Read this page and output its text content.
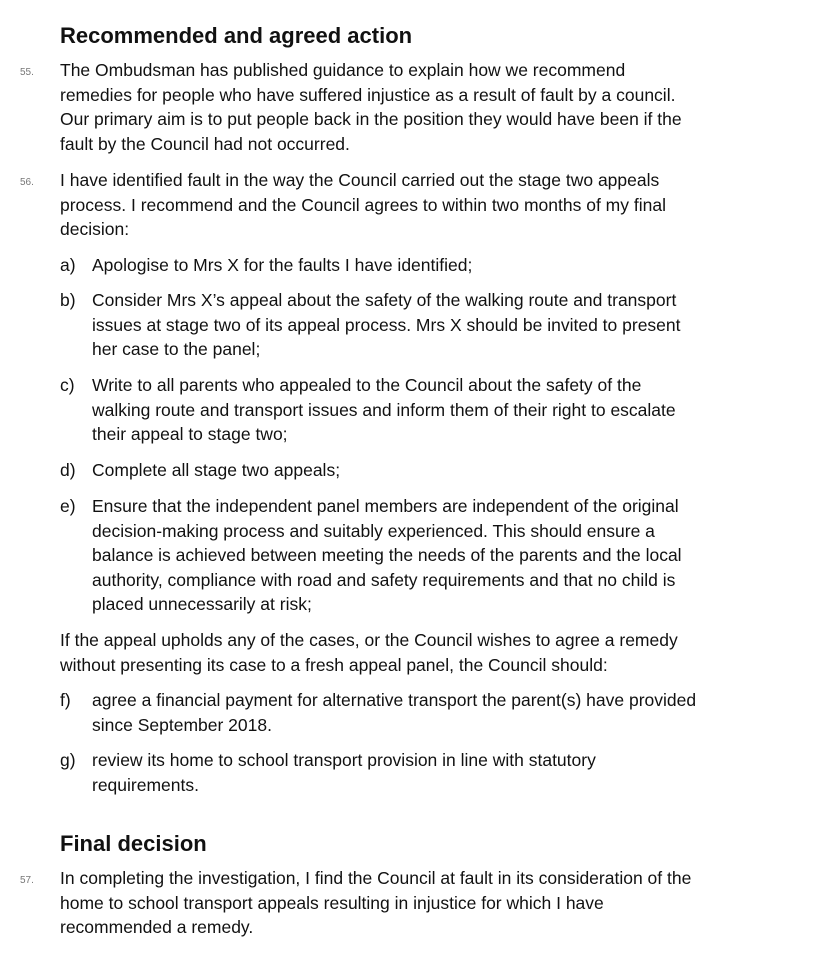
Recommended and agreed action
55. The Ombudsman has published guidance to explain how we recommend
remedies for people who have suffered injustice as a result of fault by a council.
Our primary aim is to put people back in the position they would have been if the
fault by the Council had not occurred.
56. I have identified fault in the way the Council carried out the stage two appeals
process. I recommend and the Council agrees to within two months of my final
decision:
a) Apologise to Mrs X for the faults I have identified;
b) Consider Mrs X’s appeal about the safety of the walking route and transport
issues at stage two of its appeal process. Mrs X should be invited to present
her case to the panel;
c) Write to all parents who appealed to the Council about the safety of the
walking route and transport issues and inform them of their right to escalate
their appeal to stage two;
d) Complete all stage two appeals;
e) Ensure that the independent panel members are independent of the original
decision-making process and suitably experienced. This should ensure a
balance is achieved between meeting the needs of the parents and the local
authority, compliance with road and safety requirements and that no child is
placed unnecessarily at risk;
If the appeal upholds any of the cases, or the Council wishes to agree a remedy
without presenting its case to a fresh appeal panel, the Council should:
f) agree a financial payment for alternative transport the parent(s) have provided
since September 2018.
g) review its home to school transport provision in line with statutory
requirements.
Final decision
57. In completing the investigation, I find the Council at fault in its consideration of the
home to school transport appeals resulting in injustice for which I have
recommended a remedy.
